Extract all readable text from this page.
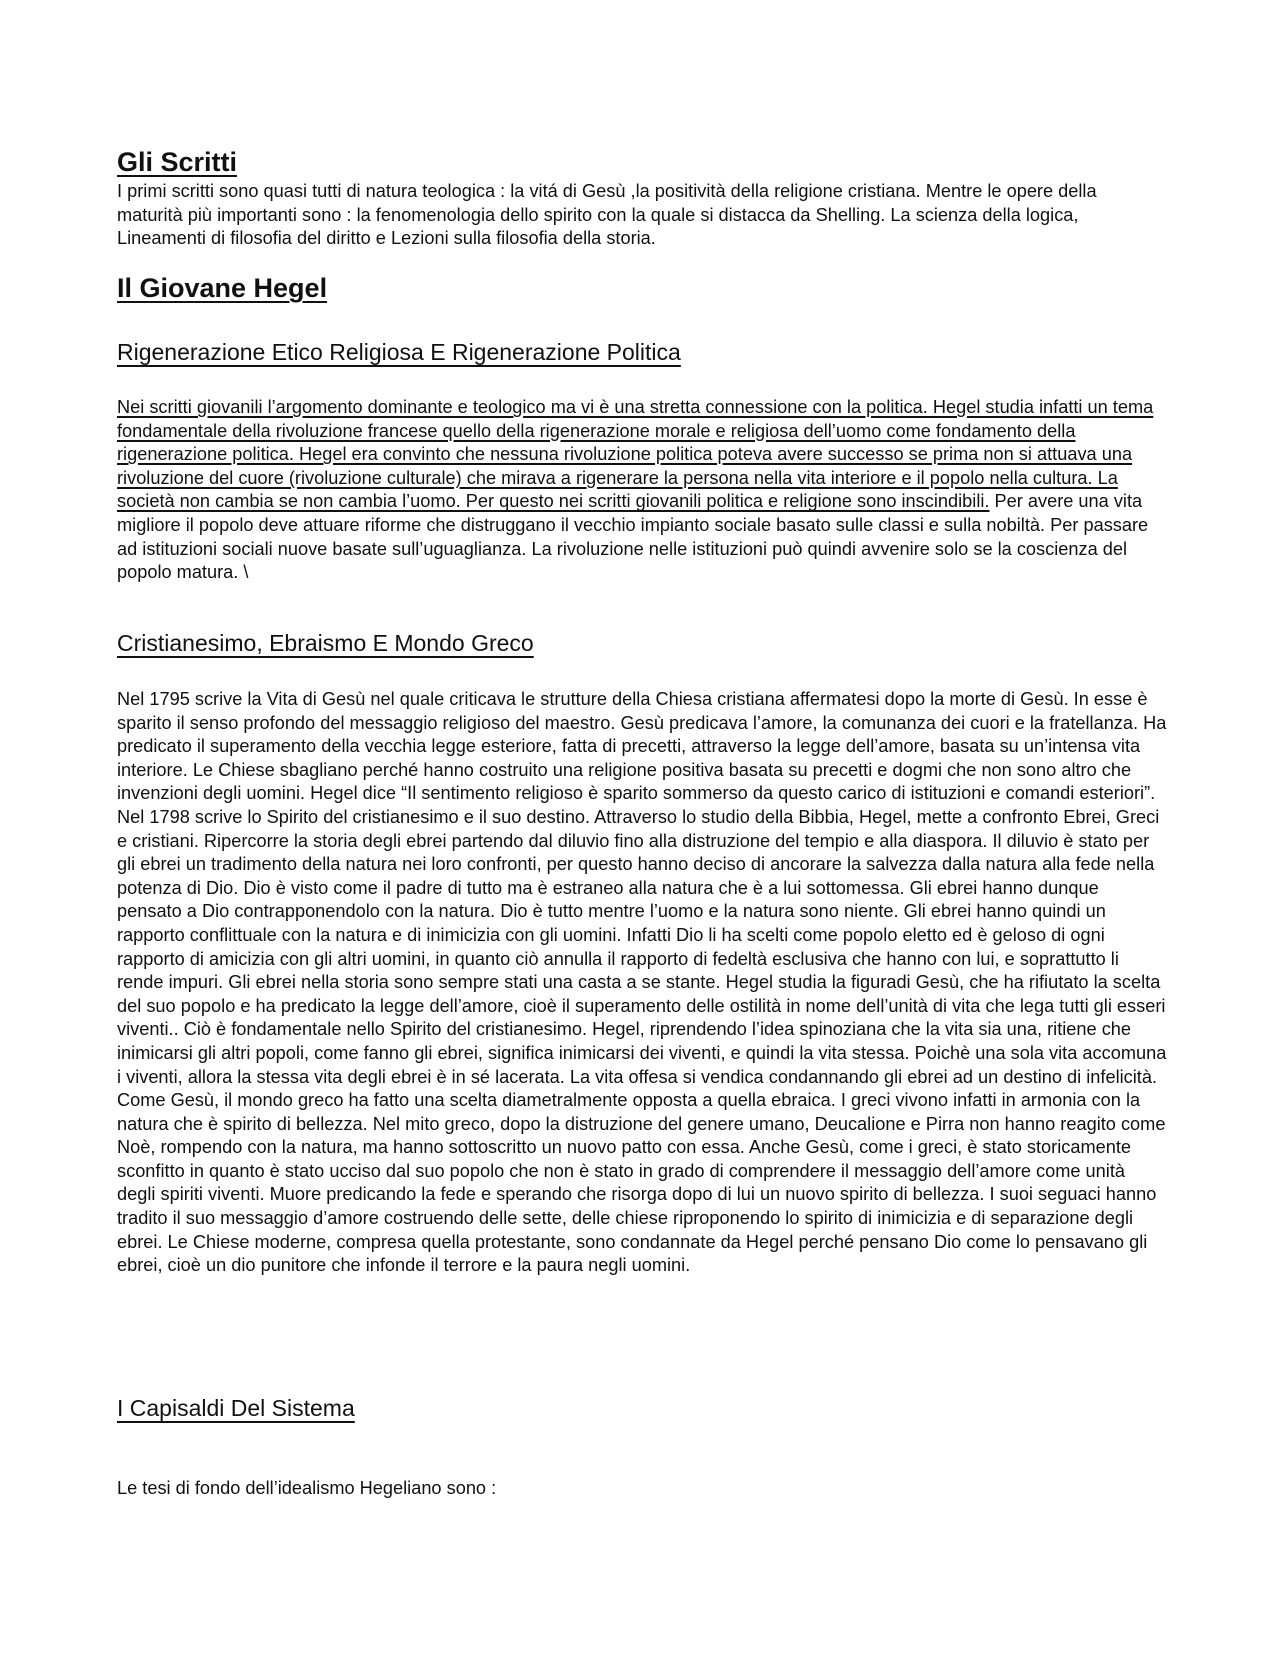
Gli Scritti

I primi scritti sono quasi tutti di natura teologica : la vitá di Gesù ,la positività della religione cristiana. Mentre le opere della maturità più importanti sono : la fenomenologia dello spirito con la quale si distacca da Shelling. La scienza della logica, Lineamenti di filosofia del diritto e Lezioni sulla filosofia della storia.

Il Giovane Hegel
Rigenerazione Etico Religiosa E Rigenerazione Politica

Nei scritti giovanili l’argomento dominante e teologico ma vi è una stretta connessione con la politica. Hegel studia infatti un tema fondamentale della rivoluzione francese quello della rigenerazione morale e religiosa dell’uomo come fondamento della rigenerazione politica. Hegel era convinto che nessuna rivoluzione politica poteva avere successo se prima non si attuava una rivoluzione del cuore (rivoluzione culturale) che mirava a rigenerare la persona nella vita interiore e il popolo nella cultura. La società non cambia se non cambia l’uomo. Per questo nei scritti giovanili politica e religione sono inscindibili. Per avere una vita migliore il popolo deve attuare riforme che distruggano il vecchio impianto sociale basato sulle classi e sulla nobiltà. Per passare ad istituzioni sociali nuove basate sull’uguaglianza. La rivoluzione nelle istituzioni può quindi avvenire solo se la coscienza del popolo matura. \

Cristianesimo, Ebraismo E Mondo Greco

Nel 1795 scrive la Vita di Gesù nel quale criticava le strutture della Chiesa cristiana affermatesi dopo la morte di Gesù. In esse è sparito il senso profondo del messaggio religioso del maestro. Gesù predicava l’amore, la comunanza dei cuori e la fratellanza. Ha predicato il superamento della vecchia legge esteriore, fatta di precetti, attraverso la legge dell’amore, basata su un’intensa vita interiore. Le Chiese sbagliano perché hanno costruito una religione positiva basata su precetti e dogmi che non sono altro che invenzioni degli uomini. Hegel dice “Il sentimento religioso è sparito sommerso da questo carico di istituzioni e comandi esteriori”. Nel 1798 scrive lo Spirito del cristianesimo e il suo destino. Attraverso lo studio della Bibbia, Hegel, mette a confronto Ebrei, Greci e cristiani. Ripercorre la storia degli ebrei partendo dal diluvio fino alla distruzione del tempio e alla diaspora. Il diluvio è stato per gli ebrei un tradimento della natura nei loro confronti, per questo hanno deciso di ancorare la salvezza dalla natura alla fede nella potenza di Dio. Dio è visto come il padre di tutto ma è estraneo alla natura che è a lui sottomessa. Gli ebrei hanno dunque pensato a Dio contrapponendolo con la natura. Dio è tutto mentre l’uomo e la natura sono niente. Gli ebrei hanno quindi un rapporto conflittuale con la natura e di inimicizia con gli uomini. Infatti Dio li ha scelti come popolo eletto ed è geloso di ogni rapporto di amicizia con gli altri uomini, in quanto ciò annulla il rapporto di fedeltà esclusiva che hanno con lui, e soprattutto li rende impuri. Gli ebrei nella storia sono sempre stati una casta a se stante. Hegel studia la figuradi Gesù, che ha rifiutato la scelta del suo popolo e ha predicato la legge dell’amore, cioè il superamento delle ostilità in nome dell’unità di vita che lega tutti gli esseri viventi.. Ciò è fondamentale nello Spirito del cristianesimo. Hegel, riprendendo l’idea spinoziana che la vita sia una, ritiene che inimicarsi gli altri popoli, come fanno gli ebrei, significa inimicarsi dei viventi, e quindi la vita stessa. Poichè una sola vita accomuna i viventi, allora la stessa vita degli ebrei è in sé lacerata. La vita offesa si vendica condannando gli ebrei ad un destino di infelicità. Come Gesù, il mondo greco ha fatto una scelta diametralmente opposta a quella ebraica. I greci vivono infatti in armonia con la natura che è spirito di bellezza. Nel mito greco, dopo la distruzione del genere umano, Deucalione e Pirra non hanno reagito come Noè, rompendo con la natura, ma hanno sottoscritto un nuovo patto con essa. Anche Gesù, come i greci, è stato storicamente sconfitto in quanto è stato ucciso dal suo popolo che non è stato in grado di comprendere il messaggio dell’amore come unità degli spiriti viventi. Muore predicando la fede e sperando che risorga dopo di lui un nuovo spirito di bellezza. I suoi seguaci hanno tradito il suo messaggio d’amore costruendo delle sette, delle chiese riproponendo lo spirito di inimicizia e di separazione degli ebrei. Le Chiese moderne, compresa quella protestante, sono condannate da Hegel perché pensano Dio come lo pensavano gli ebrei, cioè un dio punitore che infonde il terrore e la paura negli uomini.

I Capisaldi Del Sistema

Le tesi di fondo dell’idealismo Hegeliano sono :
